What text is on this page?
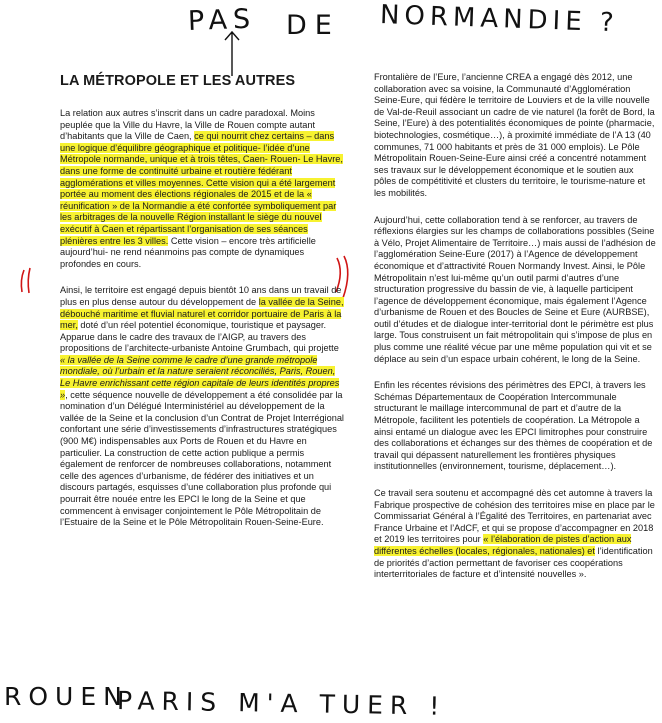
PAS DE NORMANDIE ?
LA MÉTROPOLE ET LES AUTRES

La relation aux autres s’inscrit dans un cadre paradoxal. Moins peuplée que la Ville du Havre, la Ville de Rouen compte autant d’habitants que la Ville de Caen, ce qui nourrit chez certains – dans une logique d’équilibre géographique et politique- l’idée d’une Métropole normande, unique et à trois têtes, Caen- Rouen- Le Havre, dans une forme de continuité urbaine et routière fédérant agglomérations et villes moyennes. Cette vision qui a été largement portée au moment des élections régionales de 2015 et de la « réunification » de la Normandie a été confortée symboliquement par les arbitrages de la nouvelle Région installant le siège du nouvel exécutif à Caen et répartissant l’organisation de ses séances plénières entre les 3 villes. Cette vision – encore très artificielle aujourd’hui- ne rend néanmoins pas compte de dynamiques profondes en cours.

Ainsi, le territoire est engagé depuis bientôt 10 ans dans un travail de plus en plus dense autour du développement de la vallée de la Seine, débouché maritime et fluvial naturel et corridor portuaire de Paris à la mer, doté d’un réel potentiel économique, touristique et paysager. Apparue dans le cadre des travaux de l’AIGP, au travers des propositions de l’architecte-urbaniste Antoine Grumbach, qui projette « la vallée de la Seine comme le cadre d’une grande métropole mondiale, où l’urbain et la nature seraient réconciliés, Paris, Rouen, Le Havre enrichissant cette région capitale de leurs identités propres », cette séquence nouvelle de développement a été consolidée par la nomination d’un Délégué Interministériel au développement de la vallée de la Seine et la conclusion d’un Contrat de Projet Interrégional confortant une série d’investissements d’infrastructures stratégiques (900 M€) indispensables aux Ports de Rouen et du Havre en particulier. La construction de cette action publique a permis également de renforcer de nombreuses collaborations, notamment celle des agences d’urbanisme, de fédérer des initiatives et un discours partagés, esquisses d’une collaboration plus profonde qui pourrait être nouée entre les EPCI le long de la Seine et que commencent à envisager conjointement le Pôle Métropolitain de l’Estuaire de la Seine et le Pôle Métropolitain Rouen-Seine-Eure.

Frontalière de l’Eure, l’ancienne CREA a engagé dès 2012, une collaboration avec sa voisine, la Communauté d’Agglomération Seine-Eure, qui fédère le territoire de Louviers et de la ville nouvelle de Val-de-Reuil associant un cadre de vie naturel (la forêt de Bord, la Seine, l’Eure) à des potentialités économiques de pointe (pharmacie, biotechnologies, cosmétique…), à proximité immédiate de l’A 13 (40 communes, 71 000 habitants et près de 31 000 emplois). Le Pôle Métropolitain Rouen-Seine-Eure ainsi créé a concentré notamment ses travaux sur le développement économique et le soutien aux pôles de compétitivité et clusters du territoire, le tourisme-nature et les mobilités.

Aujourd’hui, cette collaboration tend à se renforcer, au travers de réflexions élargies sur les champs de collaborations possibles (Seine à Vélo, Projet Alimentaire de Territoire…) mais aussi de l’adhésion de l’agglomération Seine-Eure (2017) à l’Agence de développement économique et d’attractivité Rouen Normandy Invest. Ainsi, le Pôle Métropolitain n’est lui-même qu’un outil parmi d’autres d’une structuration progressive du bassin de vie, à laquelle participent l’agence de développement économique, mais également l’Agence d’urbanisme de Rouen et des Boucles de Seine et Eure (AURBSE), outil d’études et de dialogue inter-territorial dont le périmètre est plus large. Tous construisent un fait métropolitain qui s’impose de plus en plus comme une réalité vécue par une même population qui vit et se déplace au sein d’un espace urbain cohérent, le long de la Seine.

Enfin les récentes révisions des périmètres des EPCI, à travers les Schémas Départementaux de Coopération Intercommunale structurant le maillage intercommunal de part et d’autre de la Métropole, facilitent les potentiels de coopération. La Métropole a ainsi entamé un dialogue avec les EPCI limitrophes pour construire des collaborations et échanges sur des thèmes de coopération et de travail qui dépassent naturellement les frontières physiques institutionnelles (environnement, tourisme, déplacement…).

Ce travail sera soutenu et accompagné dès cet automne à travers la Fabrique prospective de cohésion des territoires mise en place par le Commissariat Général à l’Égalité des Territoires, en partenariat avec France Urbaine et l’AdCF, et qui se propose d’accompagner en 2018 et 2019 les territoires pour « l’élaboration de pistes d’action aux différentes échelles (locales, régionales, nationales) et l’identification de priorités d’action permettant de favoriser ces coopérations interterritoriales de facture et d’intensité nouvelles ».

ROUEN
PARIS M'A TUER !
